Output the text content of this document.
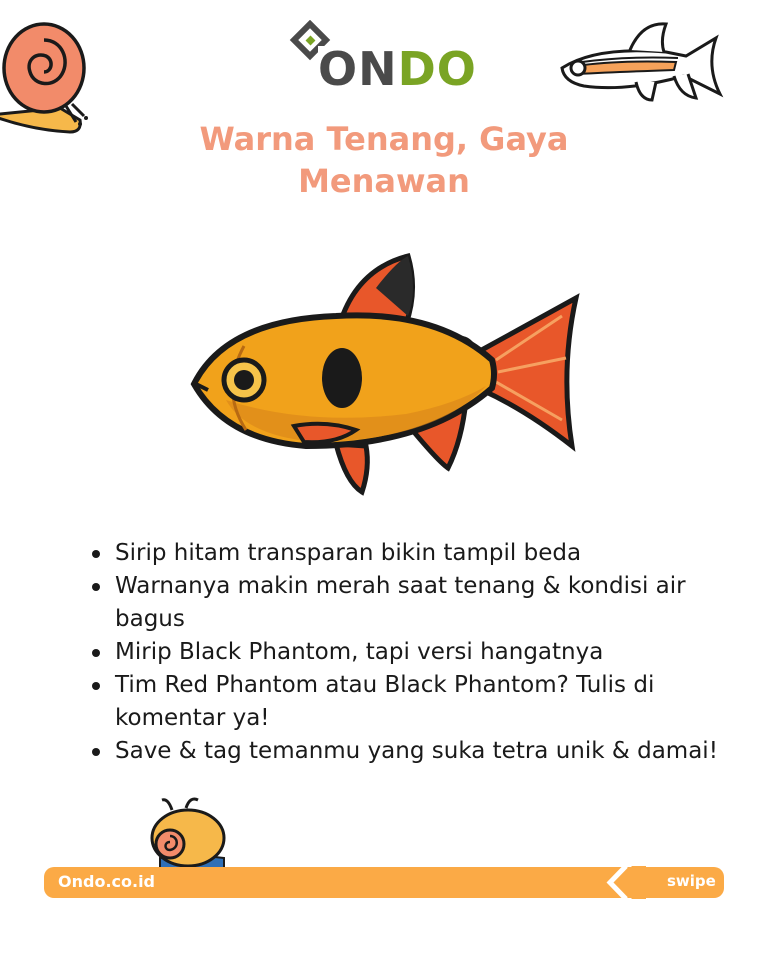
ONDO
Warna Tenang, Gaya Menawan
Sirip hitam transparan bikin tampil beda
Warnanya makin merah saat tenang & kondisi air bagus
Mirip Black Phantom, tapi versi hangatnya
Tim Red Phantom atau Black Phantom? Tulis di komentar ya!
Save & tag temanmu yang suka tetra unik & damai!
Ondo.co.id	swipe
